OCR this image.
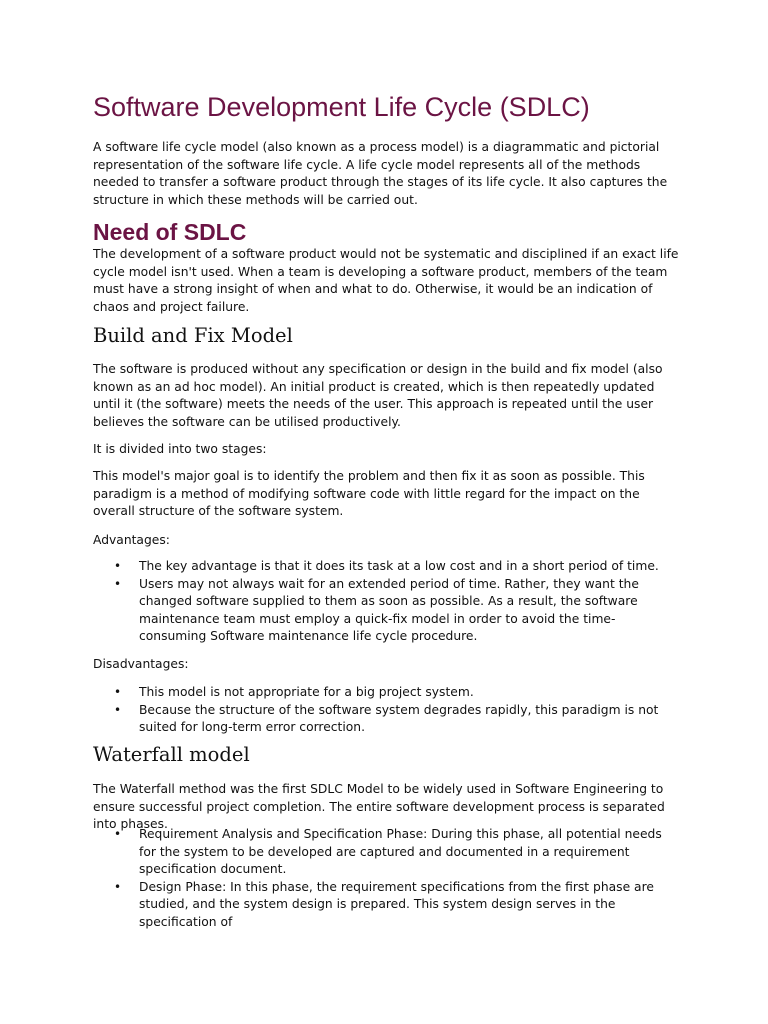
Software Development Life Cycle (SDLC)

A software life cycle model (also known as a process model) is a diagrammatic and pictorial representation of the software life cycle. A life cycle model represents all of the methods needed to transfer a software product through the stages of its life cycle. It also captures the structure in which these methods will be carried out.

Need of SDLC

The development of a software product would not be systematic and disciplined if an exact life cycle model isn't used. When a team is developing a software product, members of the team must have a strong insight of when and what to do. Otherwise, it would be an indication of chaos and project failure.

Build and Fix Model

The software is produced without any specification or design in the build and fix model (also known as an ad hoc model). An initial product is created, which is then repeatedly updated until it (the software) meets the needs of the user. This approach is repeated until the user believes the software can be utilised productively.

It is divided into two stages:

This model's major goal is to identify the problem and then fix it as soon as possible. This paradigm is a method of modifying software code with little regard for the impact on the overall structure of the software system.

Advantages:

• The key advantage is that it does its task at a low cost and in a short period of time.
• Users may not always wait for an extended period of time. Rather, they want the changed software supplied to them as soon as possible. As a result, the software maintenance team must employ a quick-fix model in order to avoid the time-consuming Software maintenance life cycle procedure.

Disadvantages:

• This model is not appropriate for a big project system.
• Because the structure of the software system degrades rapidly, this paradigm is not suited for long-term error correction.
Waterfall model

The Waterfall method was the first SDLC Model to be widely used in Software Engineering to ensure successful project completion. The entire software development process is separated into phases.

• Requirement Analysis and Specification Phase: During this phase, all potential needs for the system to be developed are captured and documented in a requirement specification document.
• Design Phase: In this phase, the requirement specifications from the first phase are studied, and the system design is prepared. This system design serves in the specification of
